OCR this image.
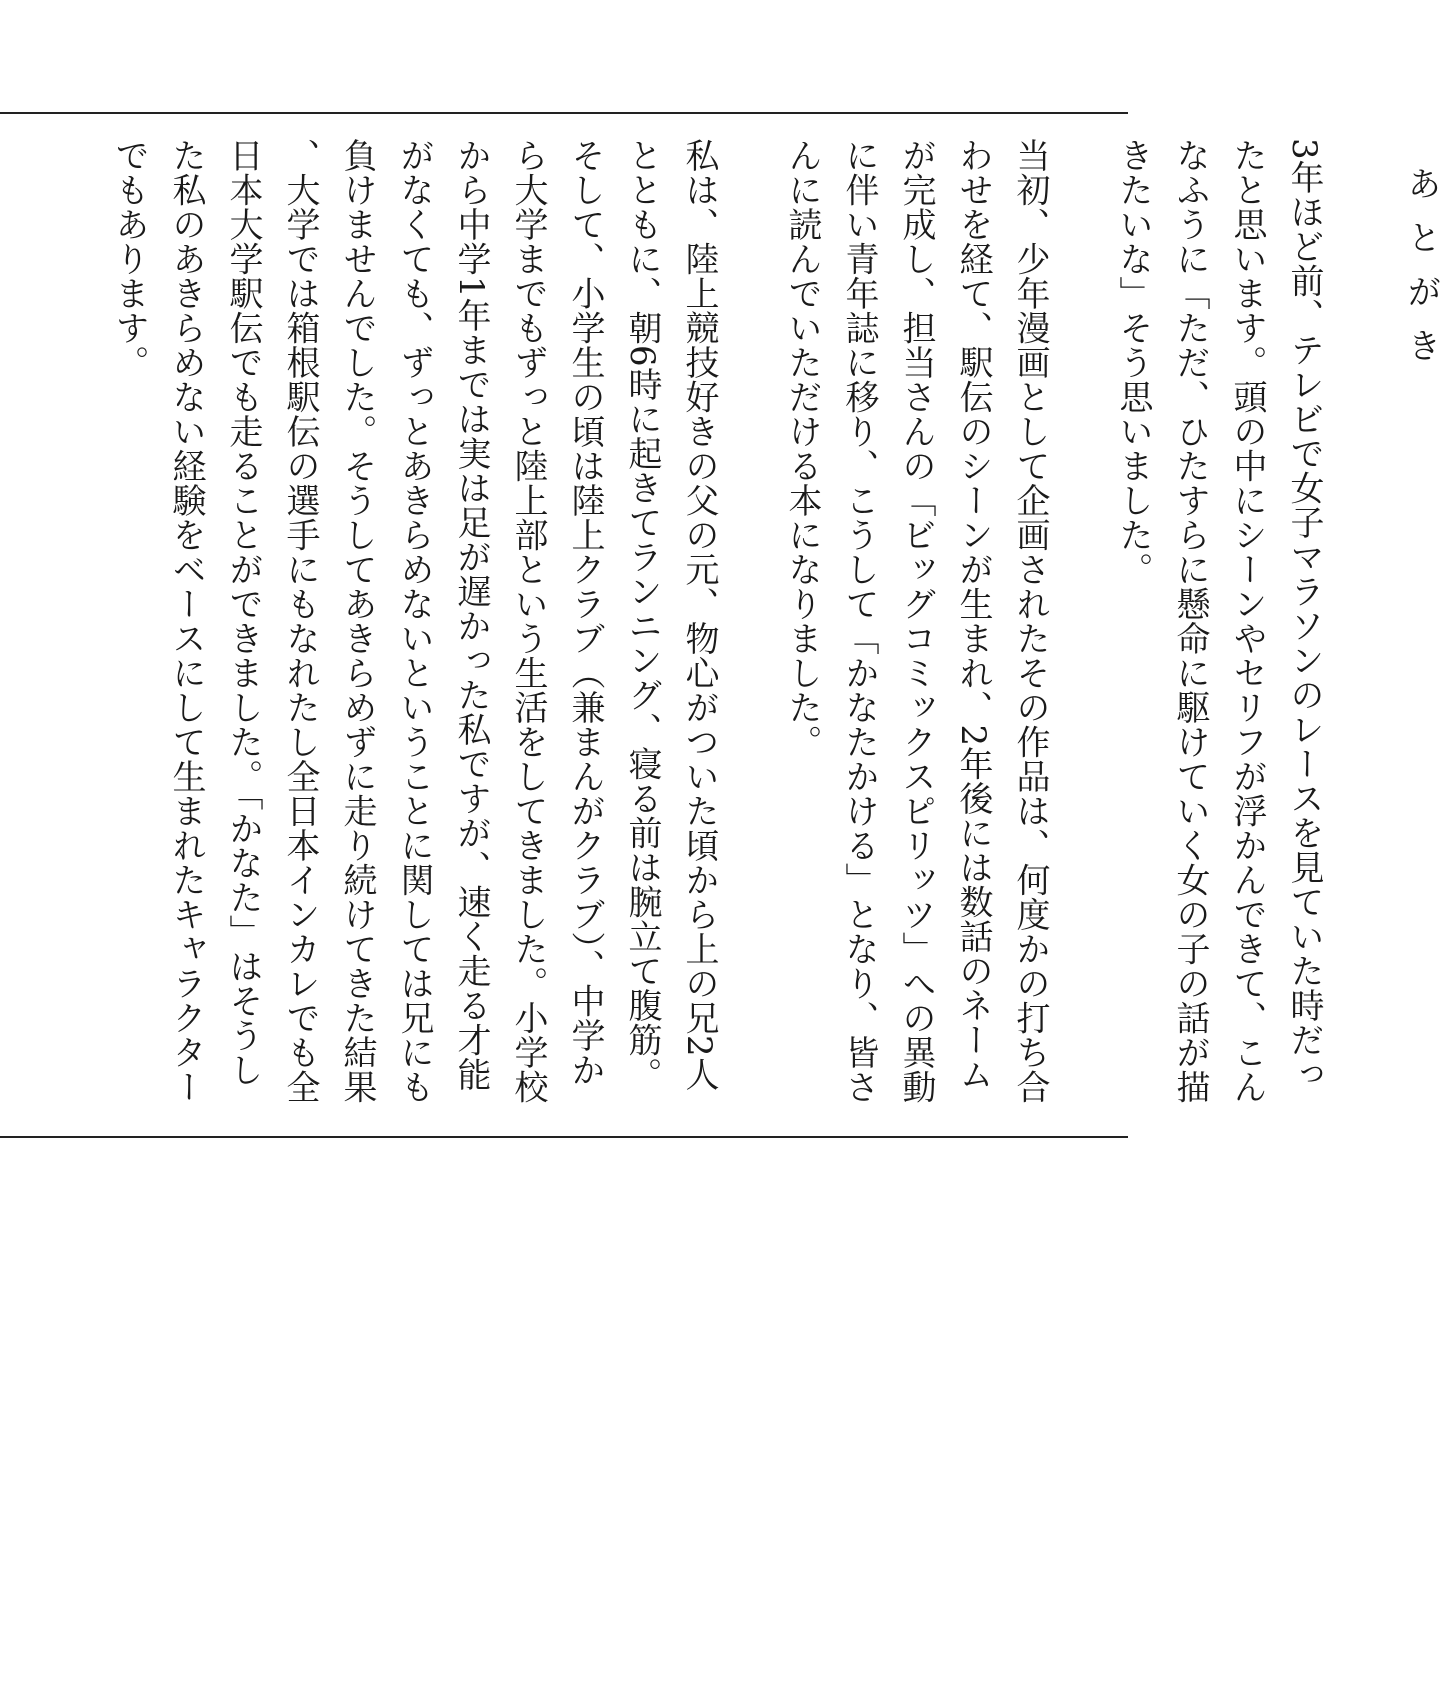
あとがき

3年ほど前、テレビで女子マラソンのレースを見ていた時だったと思います。頭の中にシーンやセリフが浮かんできて、こんなふうに「ただ、ひたすらに懸命に駆けていく女の子の話が描きたいな」そう思いました。

当初、少年漫画として企画されたその作品は、何度かの打ち合わせを経て、駅伝のシーンが生まれ、2年後には数話のネームが完成し、担当さんの「ビッグコミックスピリッツ」への異動に伴い青年誌に移り、こうして「かなたかける」となり、皆さんに読んでいただける本になりました。

私は、陸上競技好きの父の元、物心がついた頃から上の兄2人とともに、朝6時に起きてランニング、寝る前は腕立て腹筋。そして、小学生の頃は陸上クラブ（兼まんがクラブ）、中学から大学までもずっと陸上部という生活をしてきました。小学校から中学1年までは実は足が遅かった私ですが、速く走る才能がなくても、ずっとあきらめないということに関しては兄にも負けませんでした。そうしてあきらめずに走り続けてきた結果、大学では箱根駅伝の選手にもなれたし全日本インカレでも全日本大学駅伝でも走ることができました。「かなた」はそうした私のあきらめない経験をベースにして生まれたキャラクターでもあります。
